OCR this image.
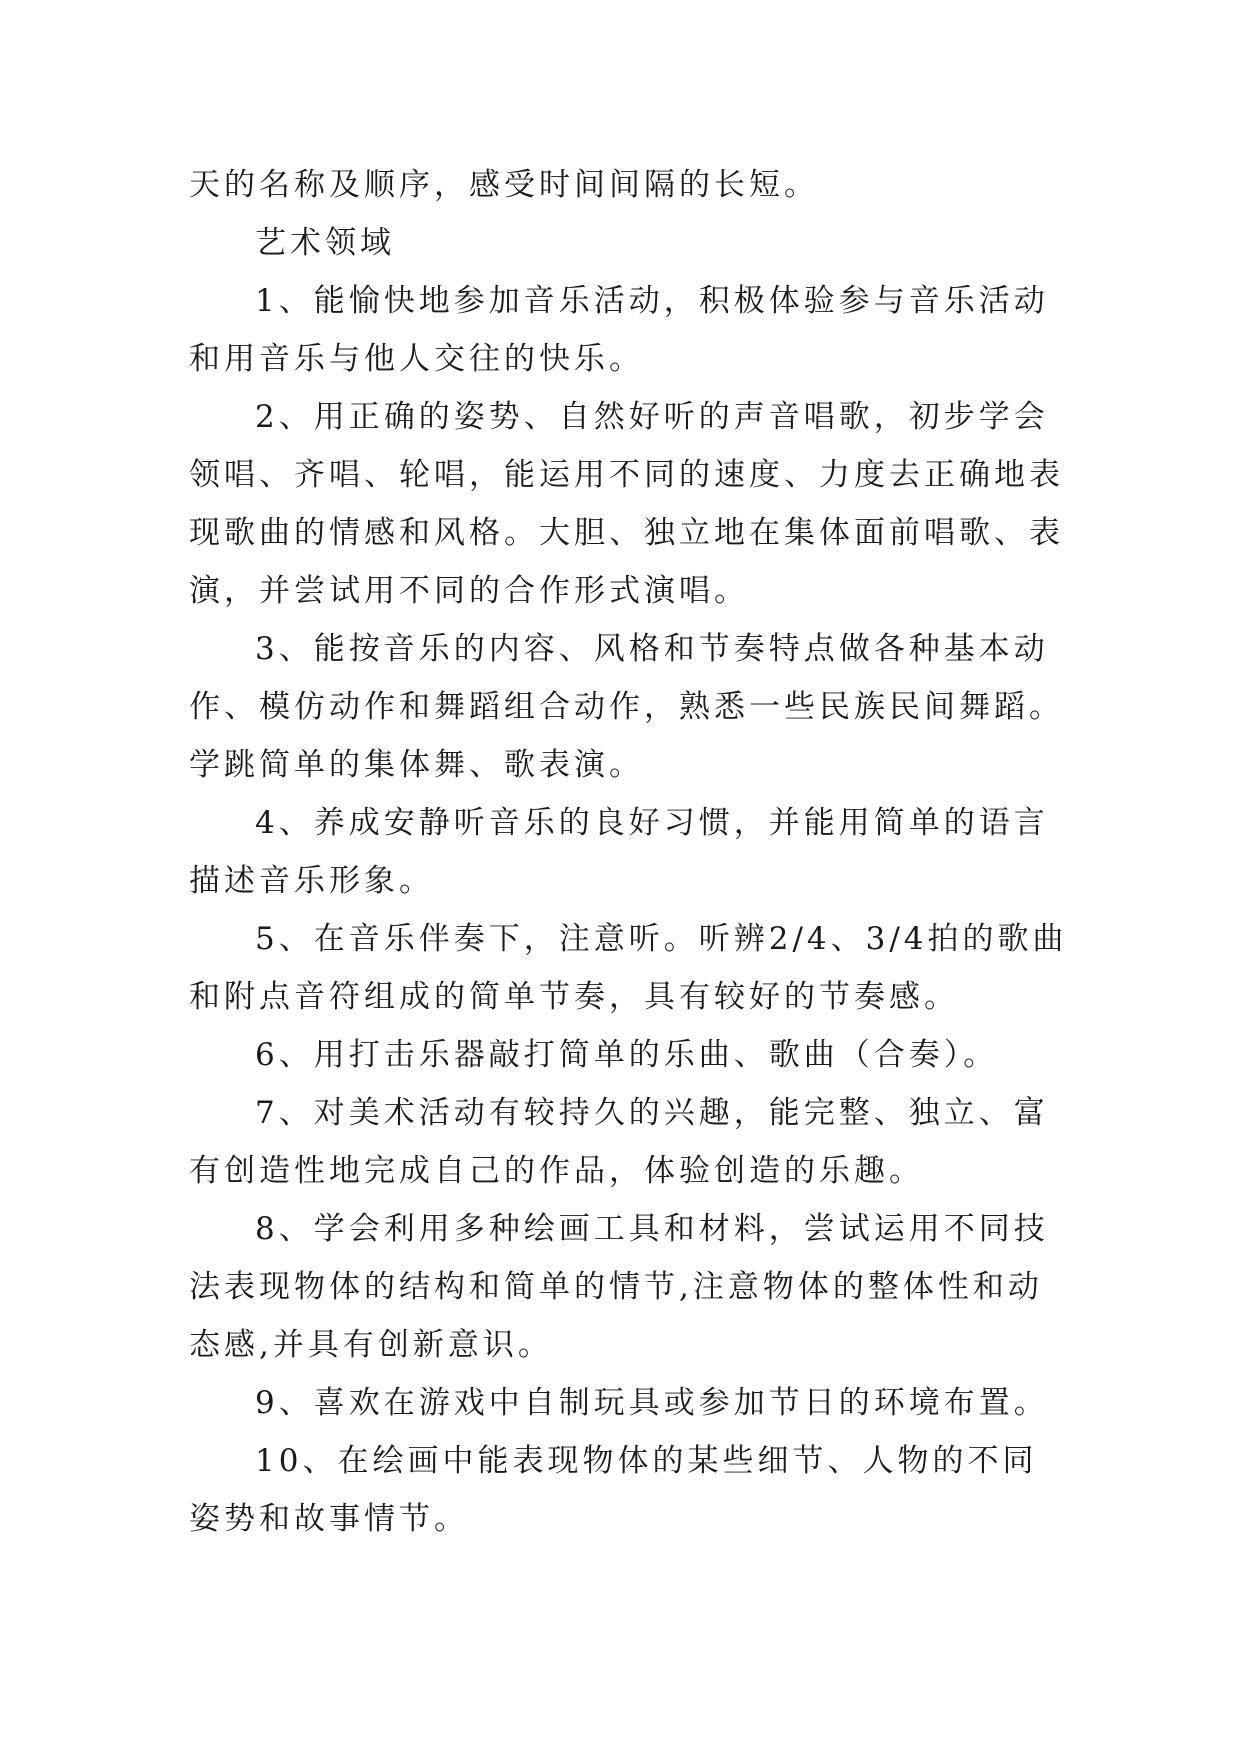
天的名称及顺序，感受时间间隔的长短。

艺术领域

1、能愉快地参加音乐活动，积极体验参与音乐活动和用音乐与他人交往的快乐。

2、用正确的姿势、自然好听的声音唱歌，初步学会领唱、齐唱、轮唱，能运用不同的速度、力度去正确地表现歌曲的情感和风格。大胆、独立地在集体面前唱歌、表演，并尝试用不同的合作形式演唱。

3、能按音乐的内容、风格和节奏特点做各种基本动作、模仿动作和舞蹈组合动作，熟悉一些民族民间舞蹈。学跳简单的集体舞、歌表演。

4、养成安静听音乐的良好习惯，并能用简单的语言描述音乐形象。

5、在音乐伴奏下，注意听。听辨2/4、3/4拍的歌曲和附点音符组成的简单节奏，具有较好的节奏感。

6、用打击乐器敲打简单的乐曲、歌曲（合奏）。

7、对美术活动有较持久的兴趣，能完整、独立、富有创造性地完成自己的作品，体验创造的乐趣。

8、学会利用多种绘画工具和材料，尝试运用不同技法表现物体的结构和简单的情节,注意物体的整体性和动态感,并具有创新意识。

9、喜欢在游戏中自制玩具或参加节日的环境布置。

10、在绘画中能表现物体的某些细节、人物的不同姿势和故事情节。
